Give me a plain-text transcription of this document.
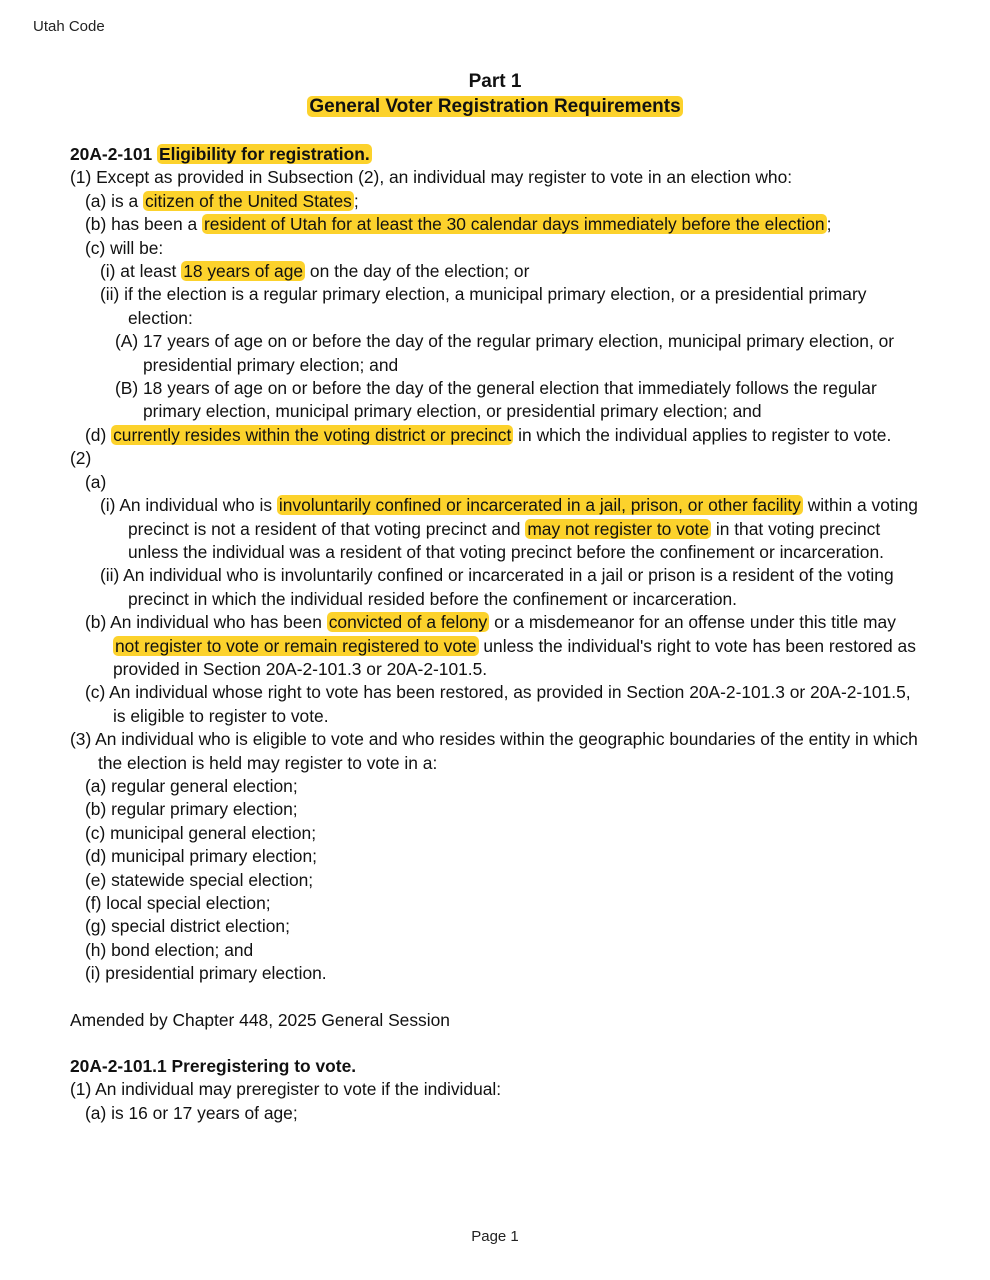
Utah Code
Part 1
General Voter Registration Requirements

20A-2-101 Eligibility for registration.

(1) Except as provided in Subsection (2), an individual may register to vote in an election who:

(a) is a citizen of the United States ;

(b) has been a resident of Utah for at least the 30 calendar days immediately before the election ;

(c) will be:

(i) at least 18 years of age on the day of the election; or

(ii) if the election is a regular primary election, a municipal primary election, or a presidential primary election:

(A) 17 years of age on or before the day of the regular primary election, municipal primary election, or presidential primary election; and

(B) 18 years of age on or before the day of the general election that immediately follows the regular primary election, municipal primary election, or presidential primary election; and

(d) currently resides within the voting district or precinct in which the individual applies to register to vote.

(2)

(a)

(i) An individual who is involuntarily confined or incarcerated in a jail, prison, or other facility within a voting precinct is not a resident of that voting precinct and may not register to vote in that voting precinct unless the individual was a resident of that voting precinct before the confinement or incarceration.

(ii) An individual who is involuntarily confined or incarcerated in a jail or prison is a resident of the voting precinct in which the individual resided before the confinement or incarceration.

(b) An individual who has been convicted of a felony or a misdemeanor for an offense under this title may not register to vote or remain registered to vote unless the individual's right to vote has been restored as provided in Section 20A-2-101.3 or 20A-2-101.5.

(c) An individual whose right to vote has been restored, as provided in Section 20A-2-101.3 or 20A-2-101.5, is eligible to register to vote.

(3) An individual who is eligible to vote and who resides within the geographic boundaries of the entity in which the election is held may register to vote in a:

(a) regular general election;

(b) regular primary election;

(c) municipal general election;

(d) municipal primary election;

(e) statewide special election;

(f) local special election;

(g) special district election;

(h) bond election; and

(i) presidential primary election.

Amended by Chapter 448, 2025 General Session

20A-2-101.1 Preregistering to vote.

(1) An individual may preregister to vote if the individual:

(a) is 16 or 17 years of age;

Page 1
